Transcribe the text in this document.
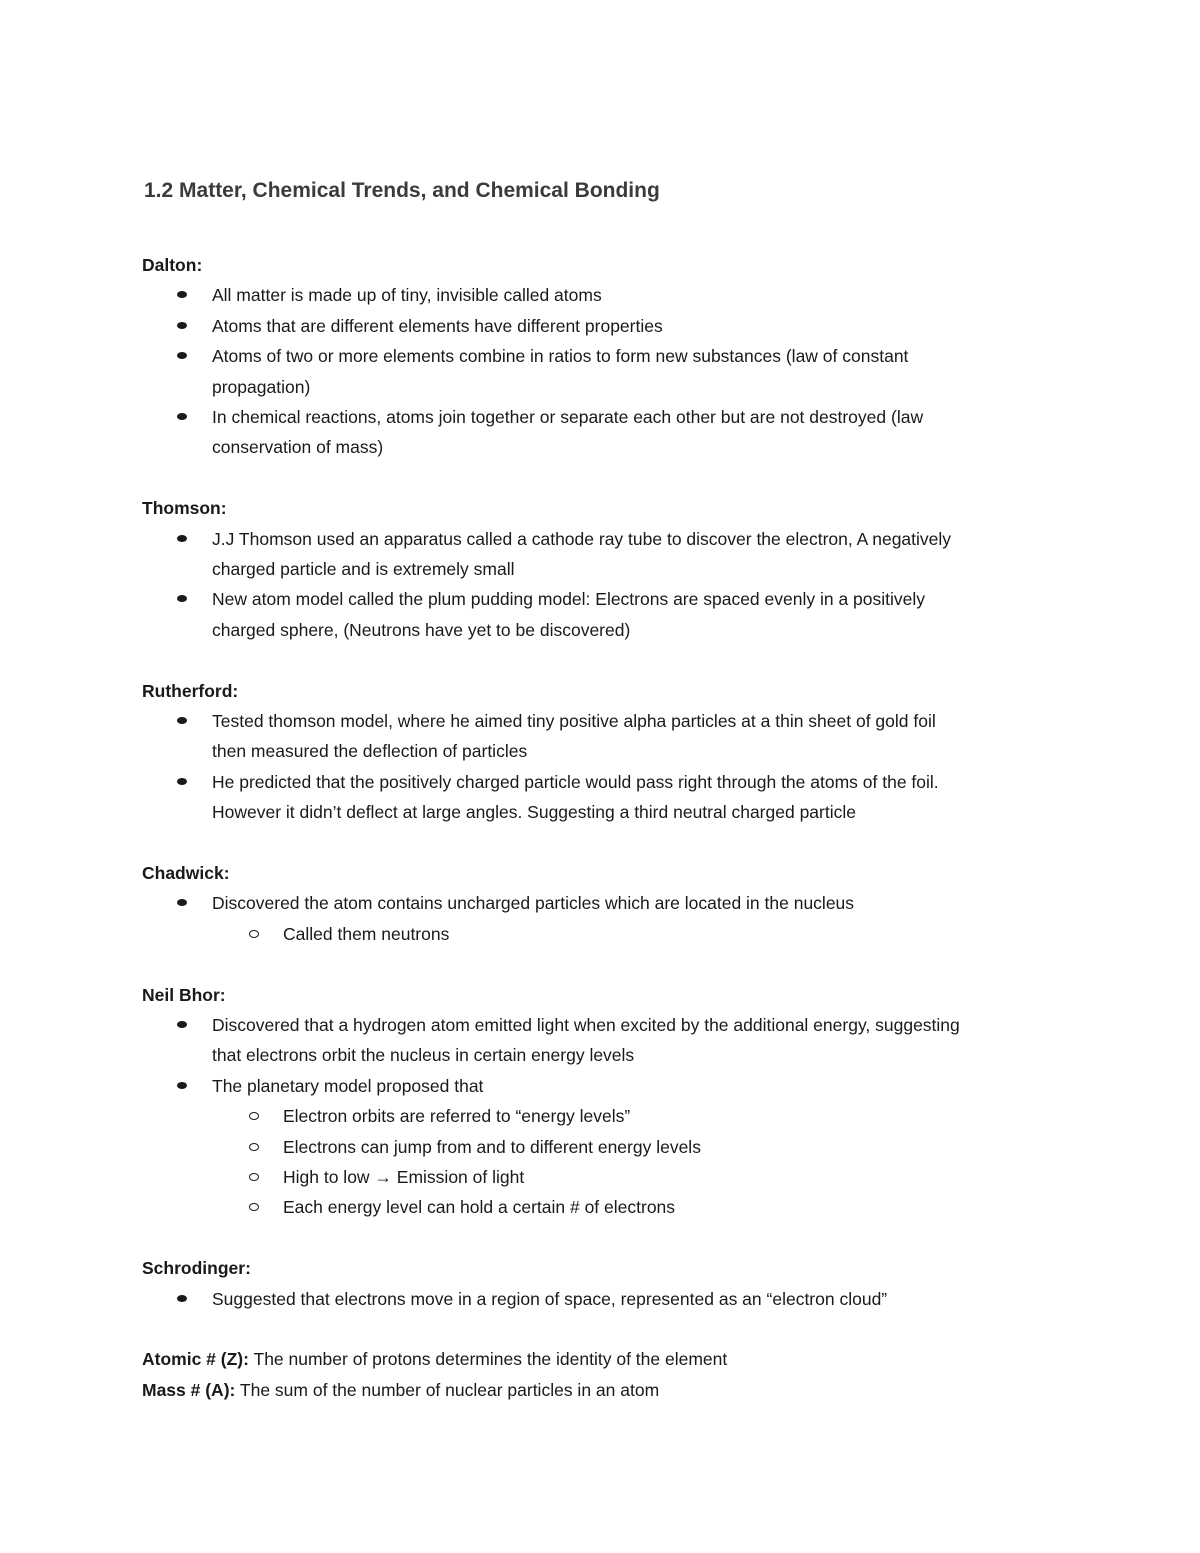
1.2 Matter, Chemical Trends, and Chemical Bonding
Dalton:
All matter is made up of tiny, invisible called atoms
Atoms that are different elements have different properties
Atoms of two or more elements combine in ratios to form new substances (law of constant
propagation)
In chemical reactions, atoms join together or separate each other but are not destroyed (law
conservation of mass)
Thomson:
J.J Thomson used an apparatus called a cathode ray tube to discover the electron, A negatively
charged particle and is extremely small
New atom model called the plum pudding model: Electrons are spaced evenly in a positively
charged sphere, (Neutrons have yet to be discovered)
Rutherford:
Tested thomson model, where he aimed tiny positive alpha particles at a thin sheet of gold foil
then measured the deflection of particles
He predicted that the positively charged particle would pass right through the atoms of the foil.
However it didn’t deflect at large angles. Suggesting a third neutral charged particle
Chadwick:
Discovered the atom contains uncharged particles which are located in the nucleus
Called them neutrons
Neil Bhor:
Discovered that a hydrogen atom emitted light when excited by the additional energy, suggesting
that electrons orbit the nucleus in certain energy levels
The planetary model proposed that
Electron orbits are referred to “energy levels”
Electrons can jump from and to different energy levels
High to low → Emission of light
Each energy level can hold a certain # of electrons
Schrodinger:
Suggested that electrons move in a region of space, represented as an “electron cloud”
Atomic # (Z): The number of protons determines the identity of the element
Mass # (A): The sum of the number of nuclear particles in an atom
